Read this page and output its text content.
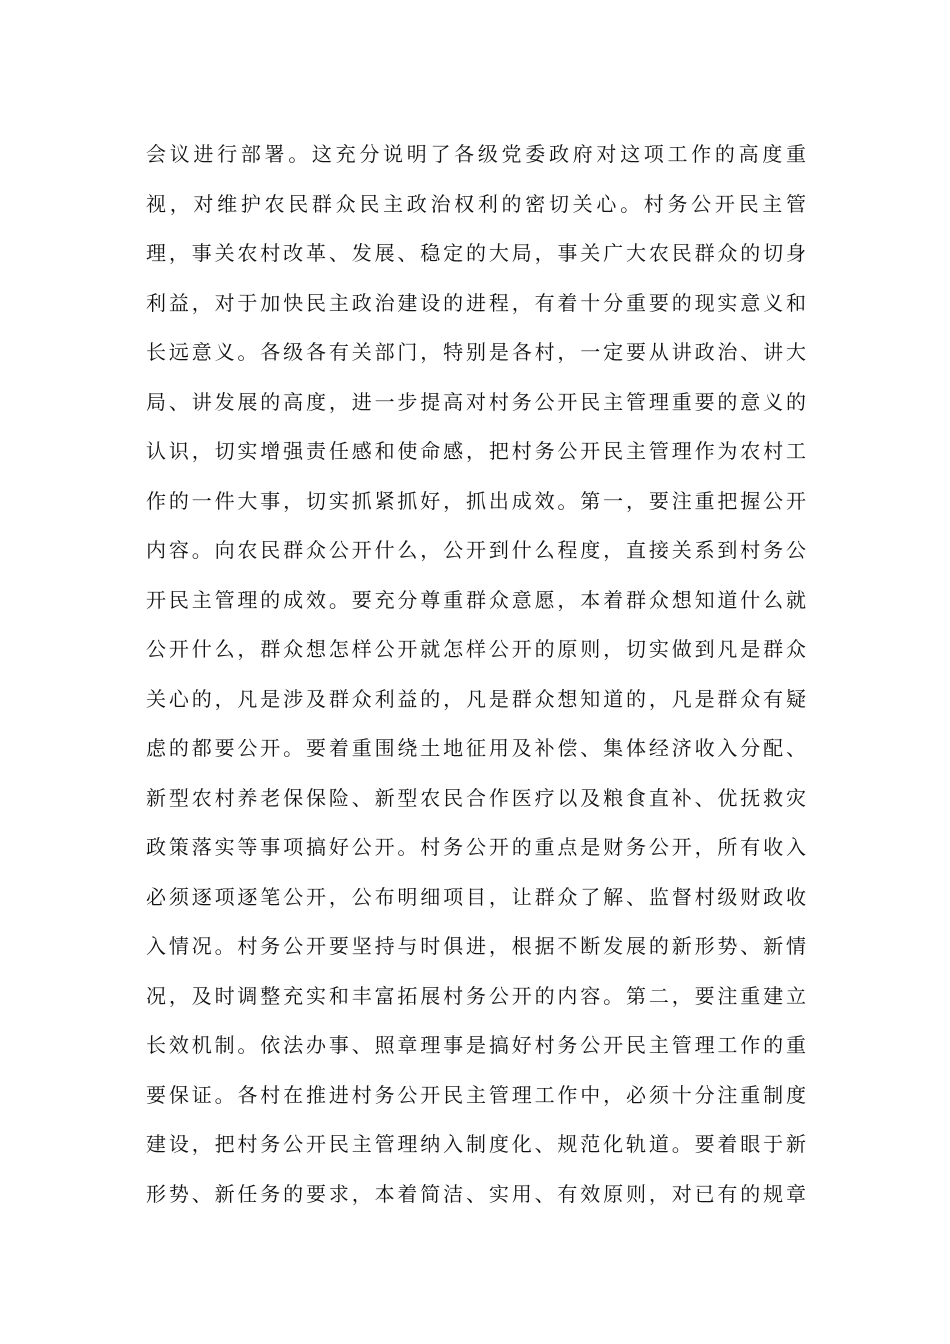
会议进行部署。这充分说明了各级党委政府对这项工作的高度重
视，对维护农民群众民主政治权利的密切关心。村务公开民主管
理，事关农村改革、发展、稳定的大局，事关广大农民群众的切身
利益，对于加快民主政治建设的进程，有着十分重要的现实意义和
长远意义。各级各有关部门，特别是各村，一定要从讲政治、讲大
局、讲发展的高度，进一步提高对村务公开民主管理重要的意义的
认识，切实增强责任感和使命感，把村务公开民主管理作为农村工
作的一件大事，切实抓紧抓好，抓出成效。第一，要注重把握公开
内容。向农民群众公开什么，公开到什么程度，直接关系到村务公
开民主管理的成效。要充分尊重群众意愿，本着群众想知道什么就
公开什么，群众想怎样公开就怎样公开的原则，切实做到凡是群众
关心的，凡是涉及群众利益的，凡是群众想知道的，凡是群众有疑
虑的都要公开。要着重围绕土地征用及补偿、集体经济收入分配、
新型农村养老保保险、新型农民合作医疗以及粮食直补、优抚救灾
政策落实等事项搞好公开。村务公开的重点是财务公开，所有收入
必须逐项逐笔公开，公布明细项目，让群众了解、监督村级财政收
入情况。村务公开要坚持与时俱进，根据不断发展的新形势、新情
况，及时调整充实和丰富拓展村务公开的内容。第二，要注重建立
长效机制。依法办事、照章理事是搞好村务公开民主管理工作的重
要保证。各村在推进村务公开民主管理工作中，必须十分注重制度
建设，把村务公开民主管理纳入制度化、规范化轨道。要着眼于新
形势、新任务的要求，本着简洁、实用、有效原则，对已有的规章
